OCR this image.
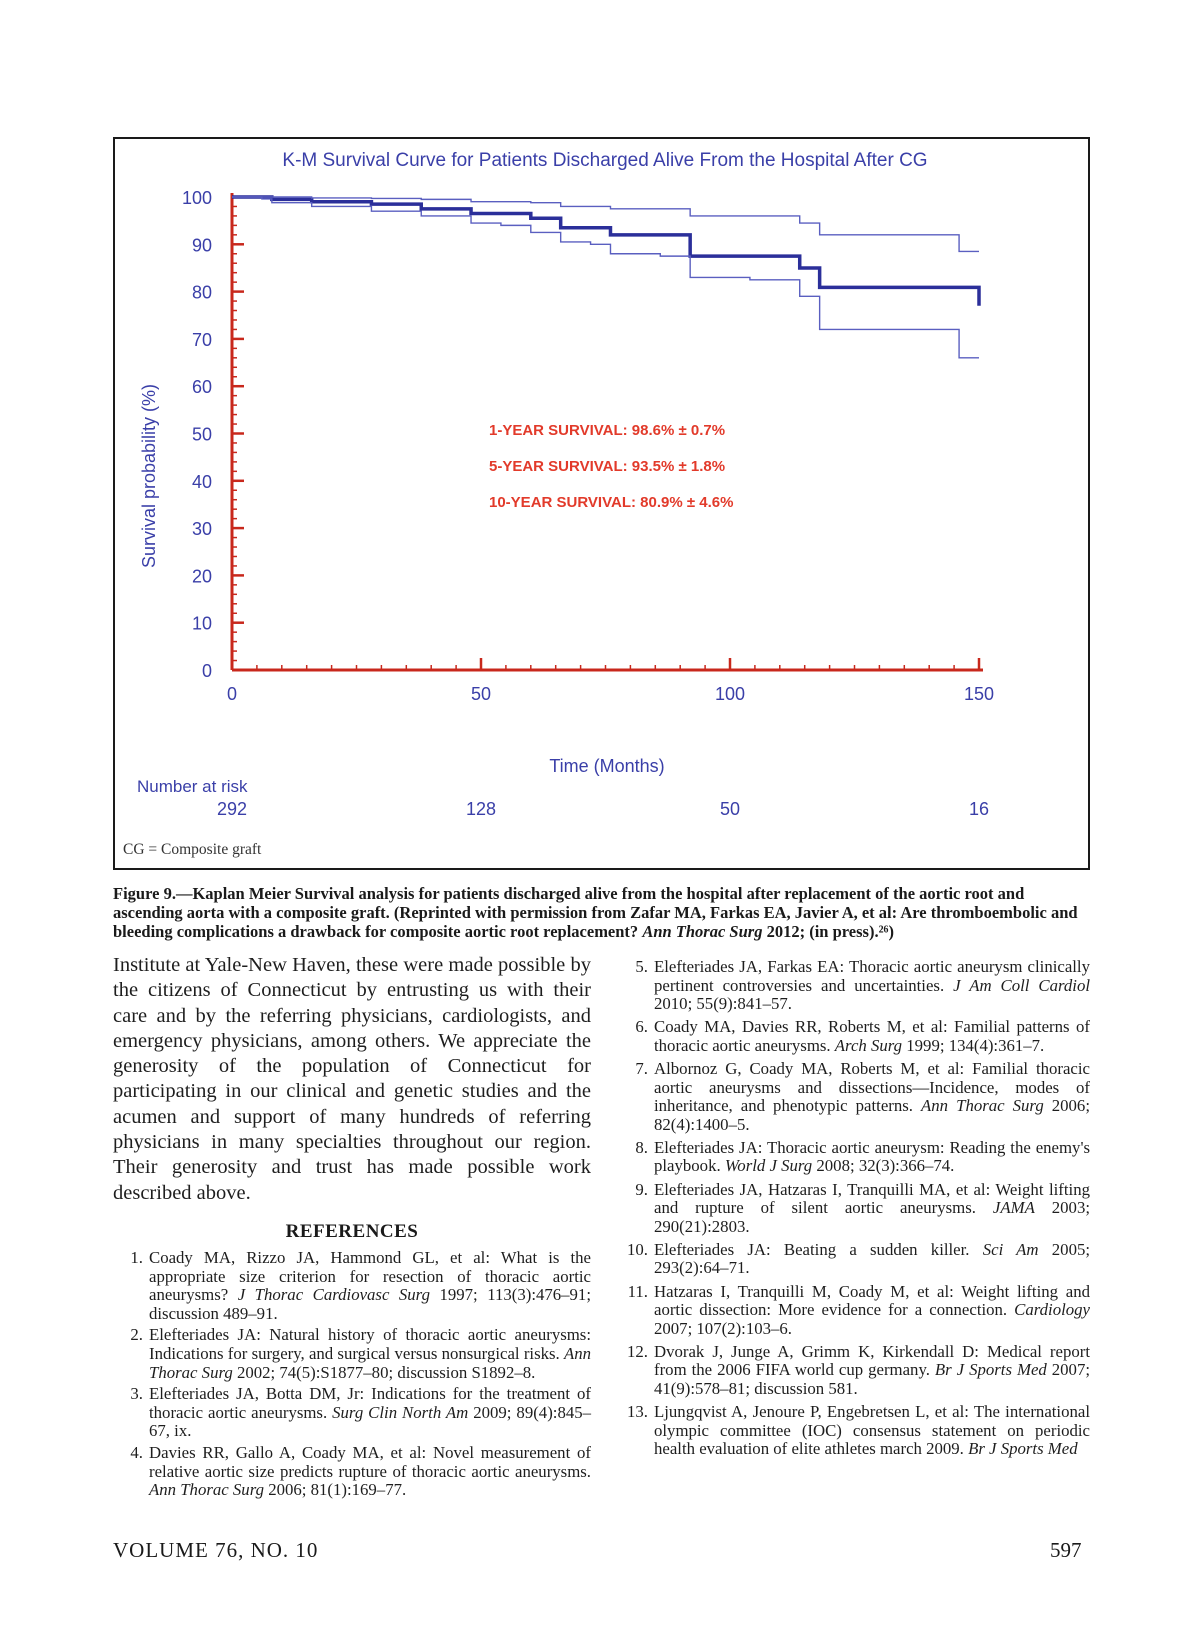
K-M Survival Curve for Patients Discharged Alive From the Hospital After CG
Survival probability (%)
Time (Months)
0
10
20
30
40
50
60
70
80
90
100
0	50	100	150
1-YEAR SURVIVAL: 98.6% ± 0.7%
5-YEAR SURVIVAL: 93.5% ± 1.8%
10-YEAR SURVIVAL: 80.9% ± 4.6%
Number at risk
292	128	50	16
CG = Composite graft
Figure 9.—Kaplan Meier Survival analysis for patients discharged alive from the hospital after replacement of the aortic root and ascending aorta with a composite graft. (Reprinted with permission from Zafar MA, Farkas EA, Javier A, et al: Are thromboembolic and bleeding complications a drawback for composite aortic root replacement? Ann Thorac Surg 2012; (in press).²⁶)

Institute at Yale-New Haven, these were made possible by the citizens of Connecticut by entrusting us with their care and by the referring physicians, cardiologists, and emergency physicians, among others. We appreciate the generosity of the population of Connecticut for participating in our clinical and genetic studies and the acumen and support of many hundreds of referring physicians in many specialties throughout our region. Their generosity and trust has made possible work described above.

REFERENCES
1. Coady MA, Rizzo JA, Hammond GL, et al: What is the appropriate size criterion for resection of thoracic aortic aneurysms? J Thorac Cardiovasc Surg 1997; 113(3):476–91; discussion 489–91.
2. Elefteriades JA: Natural history of thoracic aortic aneurysms: Indications for surgery, and surgical versus nonsurgical risks. Ann Thorac Surg 2002; 74(5):S1877–80; discussion S1892–8.
3. Elefteriades JA, Botta DM, Jr: Indications for the treatment of thoracic aortic aneurysms. Surg Clin North Am 2009; 89(4):845–67, ix.
4. Davies RR, Gallo A, Coady MA, et al: Novel measurement of relative aortic size predicts rupture of thoracic aortic aneurysms. Ann Thorac Surg 2006; 81(1):169–77.
5. Elefteriades JA, Farkas EA: Thoracic aortic aneurysm clinically pertinent controversies and uncertainties. J Am Coll Cardiol 2010; 55(9):841–57.
6. Coady MA, Davies RR, Roberts M, et al: Familial patterns of thoracic aortic aneurysms. Arch Surg 1999; 134(4):361–7.
7. Albornoz G, Coady MA, Roberts M, et al: Familial thoracic aortic aneurysms and dissections—Incidence, modes of inheritance, and phenotypic patterns. Ann Thorac Surg 2006; 82(4):1400–5.
8. Elefteriades JA: Thoracic aortic aneurysm: Reading the enemy's playbook. World J Surg 2008; 32(3):366–74.
9. Elefteriades JA, Hatzaras I, Tranquilli MA, et al: Weight lifting and rupture of silent aortic aneurysms. JAMA 2003; 290(21):2803.
10. Elefteriades JA: Beating a sudden killer. Sci Am 2005; 293(2):64–71.
11. Hatzaras I, Tranquilli M, Coady M, et al: Weight lifting and aortic dissection: More evidence for a connection. Cardiology 2007; 107(2):103–6.
12. Dvorak J, Junge A, Grimm K, Kirkendall D: Medical report from the 2006 FIFA world cup germany. Br J Sports Med 2007; 41(9):578–81; discussion 581.
13. Ljungqvist A, Jenoure P, Engebretsen L, et al: The international olympic committee (IOC) consensus statement on periodic health evaluation of elite athletes march 2009. Br J Sports Med
VOLUME 76, NO. 10	597
